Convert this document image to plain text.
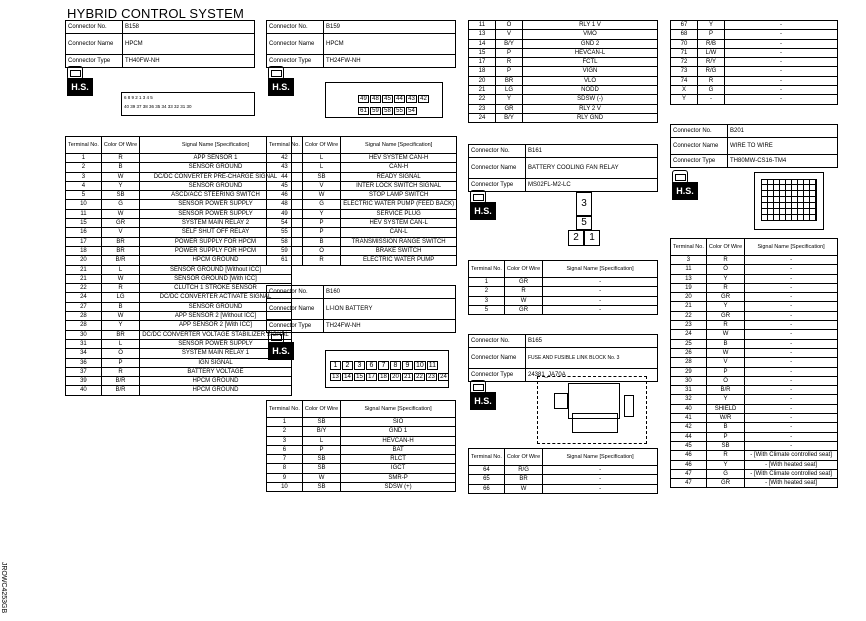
HYBRID CONTROL SYSTEM
JROWC4253GB
Connector No.	B158
Connector Name	HPCM
Connector Type	TH40FW-NH
H.S.
6 8 9 2 1 3 4 5
40 39 37 38 36 35 34 33 32 31 30
Terminal No.	Color Of Wire	Signal Name [Specification]
1	R	APP SENSOR 1
2	B	SENSOR GROUND
3	W	DC/DC CONVERTER PRE-CHARGE SIGNAL
4	Y	SENSOR GROUND
5	SB	ASCD/ACC STEERING SWITCH
10	G	SENSOR POWER SUPPLY
11	W	SENSOR POWER SUPPLY
15	GR	SYSTEM MAIN RELAY 2
16	V	SELF SHUT OFF RELAY
17	BR	POWER SUPPLY FOR HPCM
18	BR	POWER SUPPLY FOR HPCM
20	B/R	HPCM GROUND
21	L	SENSOR GROUND [Without ICC]
21	W	SENSOR GROUND [With ICC]
22	R	CLUTCH 1 STROKE SENSOR
24	LG	DC/DC CONVERTER ACTIVATE SIGNAL
27	B	SENSOR GROUND
28	W	APP SENSOR 2 [Without ICC]
28	Y	APP SENSOR 2 [With ICC]
30	BR	DC/DC CONVERTER VOLTAGE STABILIZER SIGNAL
31	L	SENSOR POWER SUPPLY
34	O	SYSTEM MAIN RELAY 1
36	P	IGN SIGNAL
37	R	BATTERY VOLTAGE
39	B/R	HPCM GROUND
40	B/R	HPCM GROUND
Connector No.	B159
Connector Name	HPCM
Connector Type	TH24FW-NH
H.S.
49 48 45 44 43 42
61 59 58 55 54
Terminal No.	Color Of Wire	Signal Name [Specification]
42	L	HEV SYSTEM CAN-H
43	L	CAN-H
44	SB	READY SIGNAL
45	V	INTER LOCK SWITCH SIGNAL
46	W	STOP LAMP SWITCH
48	G	ELECTRIC WATER PUMP (FEED BACK)
49	Y	SERVICE PLUG
54	P	HEV SYSTEM CAN-L
55	P	CAN-L
58	B	TRANSMISSION RANGE SWITCH
59	O	BRAKE SWITCH
61	R	ELECTRIC WATER PUMP
Connector No.	B160
Connector Name	LI-ION BATTERY
Connector Type	TH24FW-NH
H.S.
1	2	3	6	7	8	9 10 11
13 14 15 17 18 20 21 22 23 24
Terminal No.	Color Of Wire	Signal Name [Specification]
1	SB	SIO
2	B/Y	GND 1
3	L	HEVCAN-H
6	P	BAT
7	SB	RLCT
8	SB	IGCT
9	W	SMR-P
10	SB	SDSW (+)
11	O	RLY 1 V
13	V	VMO
14	B/Y	GND 2
15	P	HEVCAN-L
17	R	FCTL
18	P	VIGN
20	BR	VLO
21	LG	NODD
22	Y	SDSW (-)
23	GR	RLY 2 V
24	B/Y	RLY GND
Connector No.	B161
Connector Name	BATTERY COOLING FAN RELAY
Connector Type	MS02FL-M2-LC
H.S.
3
5
2	1
Terminal No.	Color Of Wire	Signal Name [Specification]
1	GR	-
2	R	-
3	W	-
5	GR	-
Connector No.	B165
Connector Name	FUSE AND FUSIBLE LINK BLOCK No. 3
Connector Type	24381_JA70A
H.S.
Terminal No.	Color Of Wire	Signal Name [Specification]
64	R/G	-
65	BR	-
66	W	-
67	Y	-
68	P	-
70	R/B	-
71	L/W	-
72	R/Y	-
73	R/G	-
74	R	-
X	G	-
Y	-	-
Connector No.	B201
Connector Name	WIRE TO WIRE
Connector Type	TH80MW-CS16-TM4
H.S.
Terminal No.	Color Of Wire	Signal Name [Specification]
3	R	-
11	O	-
13	Y	-
19	R	-
20	GR	-
21	Y	-
22	GR	-
23	R	-
24	W	-
25	B	-
26	W	-
28	V	-
29	P	-
30	O	-
31	B/R	-
32	Y	-
40	SHIELD	-
41	W/R	-
42	B	-
44	P	-
45	SB	-
46	R	- [With Climate controlled seat]
46	Y	- [With heated seat]
47	G	- [With Climate controlled seat]
47	GR	- [With heated seat]
